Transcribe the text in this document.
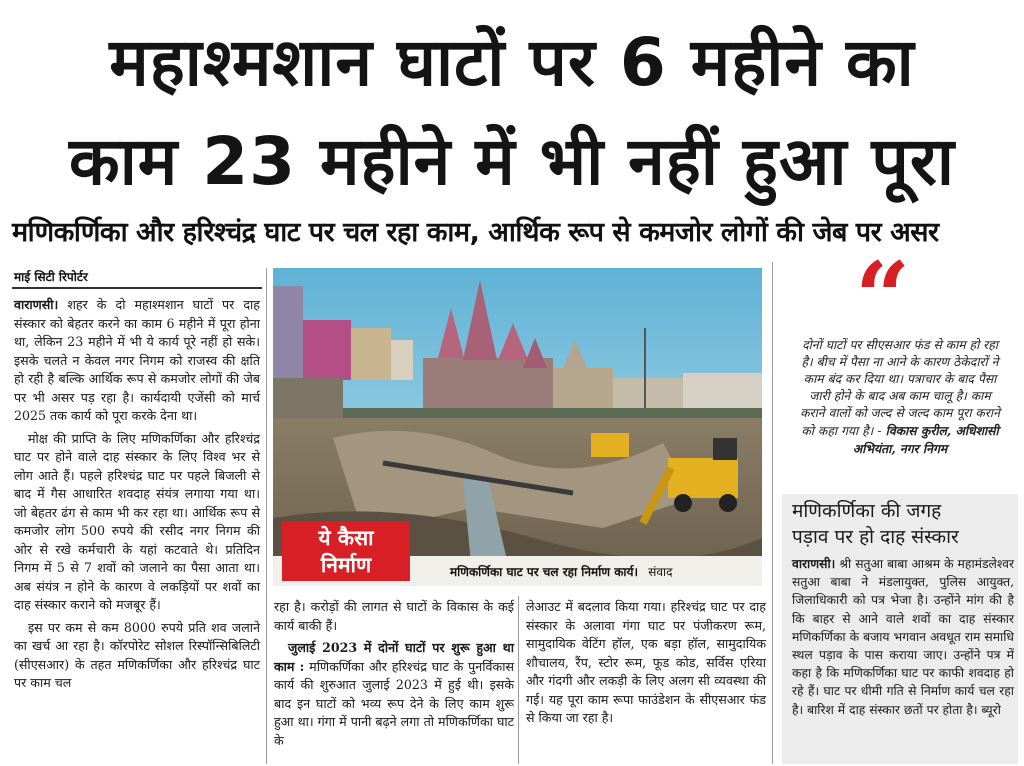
महाश्मशान घाटों पर 6 महीने का
काम 23 महीने में भी नहीं हुआ पूरा
मणिकर्णिका और हरिश्चंद्र घाट पर चल रहा काम, आर्थिक रूप से कमजोर लोगों की जेब पर असर
माई सिटी रिपोर्टर

वाराणसी। शहर के दो महाश्मशान घाटों पर दाह संस्कार को बेहतर करने का काम 6 महीने में पूरा होना था, लेकिन 23 महीने में भी ये कार्य पूरे नहीं हो सके। इसके चलते न केवल नगर निगम को राजस्व की क्षति हो रही है बल्कि आर्थिक रूप से कमजोर लोगों की जेब पर भी असर पड़ रहा है। कार्यदायी एजेंसी को मार्च 2025 तक कार्य को पूरा करके देना था।

मोक्ष की प्राप्ति के लिए मणिकर्णिका और हरिश्चंद्र घाट पर होने वाले दाह संस्कार के लिए विश्व भर से लोग आते हैं। पहले हरिश्चंद्र घाट पर पहले बिजली से बाद में गैस आधारित शवदाह संयंत्र लगाया गया था। जो बेहतर ढंग से काम भी कर रहा था। आर्थिक रूप से कमजोर लोग 500 रुपये की रसीद नगर निगम की ओर से रखे कर्मचारी के यहां कटवाते थे। प्रतिदिन निगम में 5 से 7 शवों को जलाने का पैसा आता था। अब संयंत्र न होने के कारण वे लकड़ियों पर शवों का दाह संस्कार कराने को मजबूर हैं।

इस पर कम से कम 8000 रुपये प्रति शव जलाने का खर्च आ रहा है। कॉरपोरेट सोशल रिस्पॉन्सिबिलिटी (सीएसआर) के तहत मणिकर्णिका और हरिश्चंद्र घाट पर काम चल

ये कैसा
निर्माण	मणिकर्णिका घाट पर चल रहा निर्माण कार्य। संवाद

रहा है। करोड़ों की लागत से घाटों के विकास के कई कार्य बाकी हैं।

जुलाई 2023 में दोनों घाटों पर शुरू हुआ था काम : मणिकर्णिका और हरिश्चंद्र घाट के पुनर्विकास कार्य की शुरुआत जुलाई 2023 में हुई थी। इसके बाद इन घाटों को भव्य रूप देने के लिए काम शुरू हुआ था। गंगा में पानी बढ़ने लगा तो मणिकर्णिका घाट के

लेआउट में बदलाव किया गया। हरिश्चंद्र घाट पर दाह संस्कार के अलावा गंगा घाट पर पंजीकरण रूम, सामुदायिक वेटिंग हॉल, एक बड़ा हॉल, सामुदायिक शौचालय, रैंप, स्टोर रूम, फूड कोड, सर्विस एरिया और गंदगी और लकड़ी के लिए अलग सी व्यवस्था की गई। यह पूरा काम रूपा फाउंडेशन के सीएसआर फंड से किया जा रहा है।

“
दोनों घाटों पर सीएसआर फंड से काम हो रहा है। बीच में पैसा ना आने के कारण ठेकेदारों ने काम बंद कर दिया था। पत्राचार के बाद पैसा जारी होने के बाद अब काम चालू है। काम कराने वालों को जल्द से जल्द काम पूरा कराने को कहा गया है। - विकास कुरील, अधिशासी अभियंता, नगर निगम
मणिकर्णिका की जगह
पड़ाव पर हो दाह संस्कार

वाराणसी। श्री सतुआ बाबा आश्रम के महामंडलेश्वर सतुआ बाबा ने मंडलायुक्त, पुलिस आयुक्त, जिलाधिकारी को पत्र भेजा है। उन्होंने मांग की है कि बाहर से आने वाले शवों का दाह संस्कार मणिकर्णिका के बजाय भगवान अवधूत राम समाधि स्थल पड़ाव के पास कराया जाए। उन्होंने पत्र में कहा है कि मणिकर्णिका घाट पर काफी शवदाह हो रहे हैं। घाट पर धीमी गति से निर्माण कार्य चल रहा है। बारिश में दाह संस्कार छतों पर होता है। ब्यूरो
